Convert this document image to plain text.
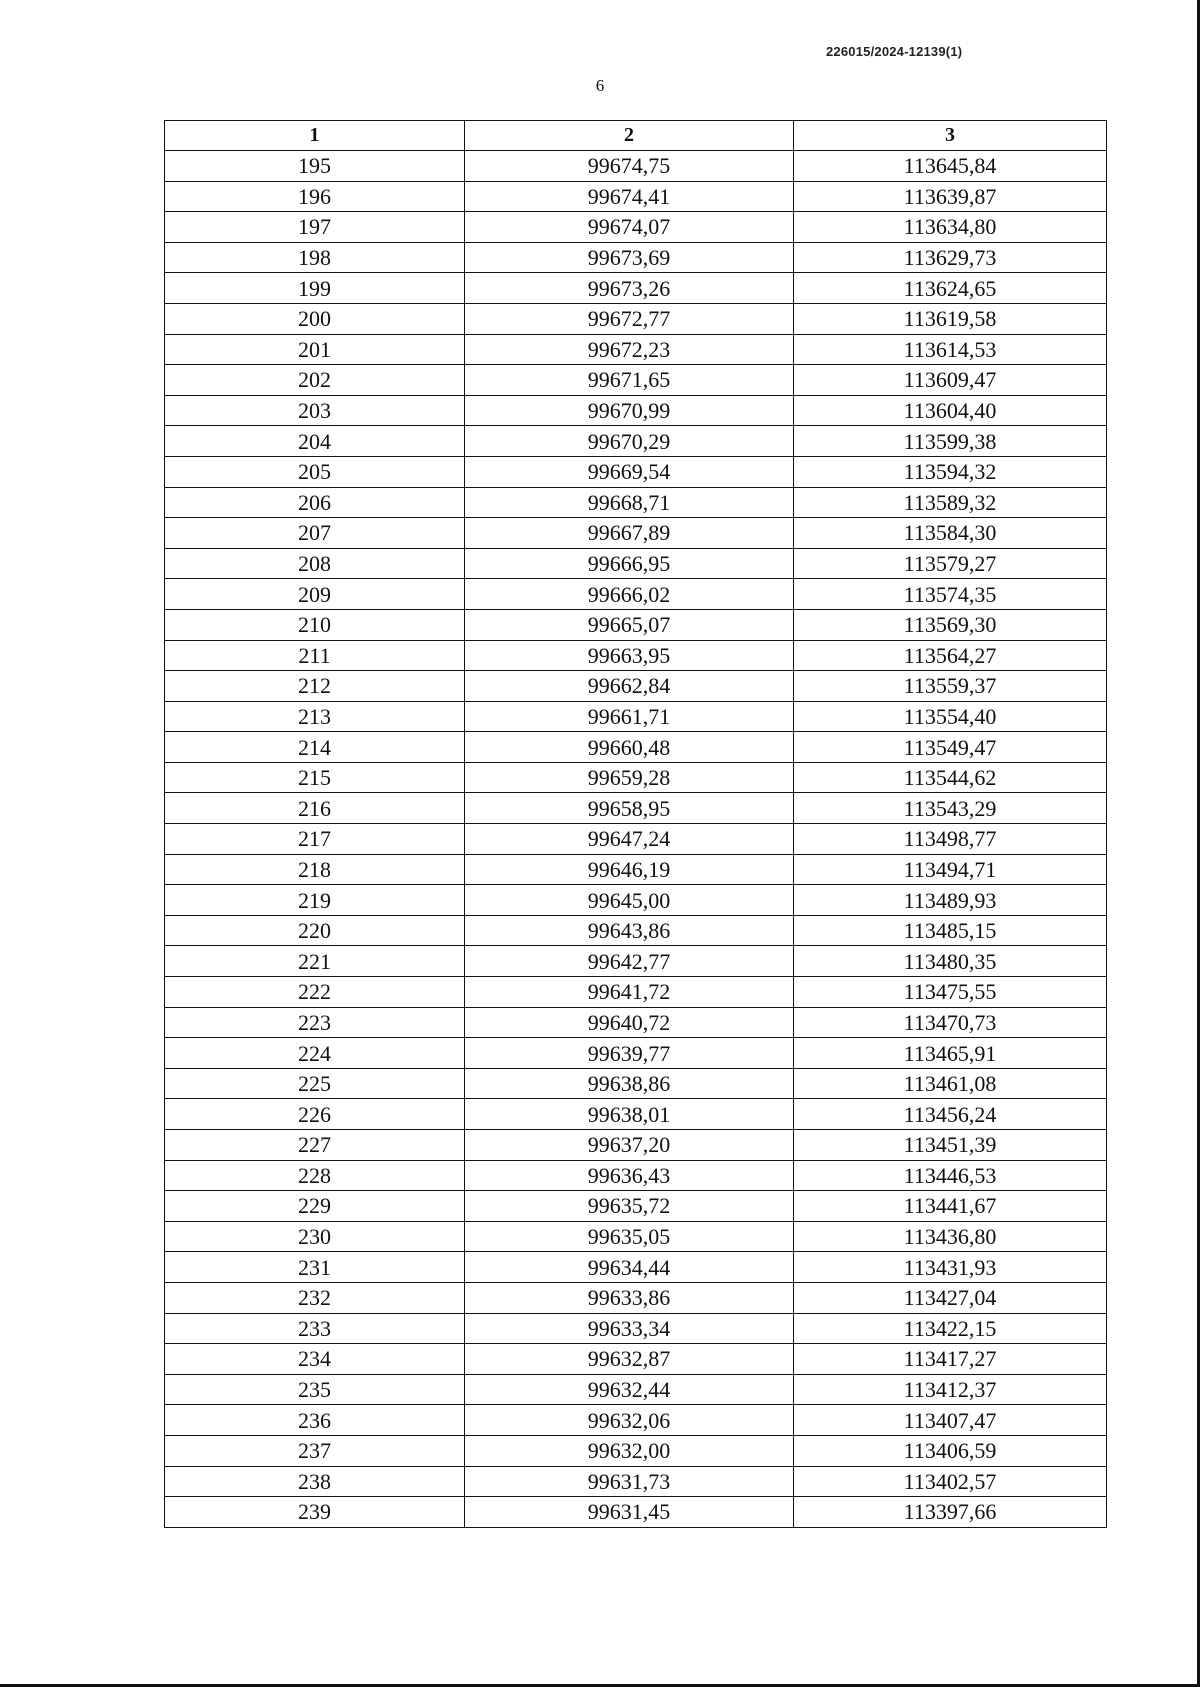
226015/2024-12139(1)
6
1	2	3
195	99674,75	113645,84
196	99674,41	113639,87
197	99674,07	113634,80
198	99673,69	113629,73
199	99673,26	113624,65
200	99672,77	113619,58
201	99672,23	113614,53
202	99671,65	113609,47
203	99670,99	113604,40
204	99670,29	113599,38
205	99669,54	113594,32
206	99668,71	113589,32
207	99667,89	113584,30
208	99666,95	113579,27
209	99666,02	113574,35
210	99665,07	113569,30
211	99663,95	113564,27
212	99662,84	113559,37
213	99661,71	113554,40
214	99660,48	113549,47
215	99659,28	113544,62
216	99658,95	113543,29
217	99647,24	113498,77
218	99646,19	113494,71
219	99645,00	113489,93
220	99643,86	113485,15
221	99642,77	113480,35
222	99641,72	113475,55
223	99640,72	113470,73
224	99639,77	113465,91
225	99638,86	113461,08
226	99638,01	113456,24
227	99637,20	113451,39
228	99636,43	113446,53
229	99635,72	113441,67
230	99635,05	113436,80
231	99634,44	113431,93
232	99633,86	113427,04
233	99633,34	113422,15
234	99632,87	113417,27
235	99632,44	113412,37
236	99632,06	113407,47
237	99632,00	113406,59
238	99631,73	113402,57
239	99631,45	113397,66
